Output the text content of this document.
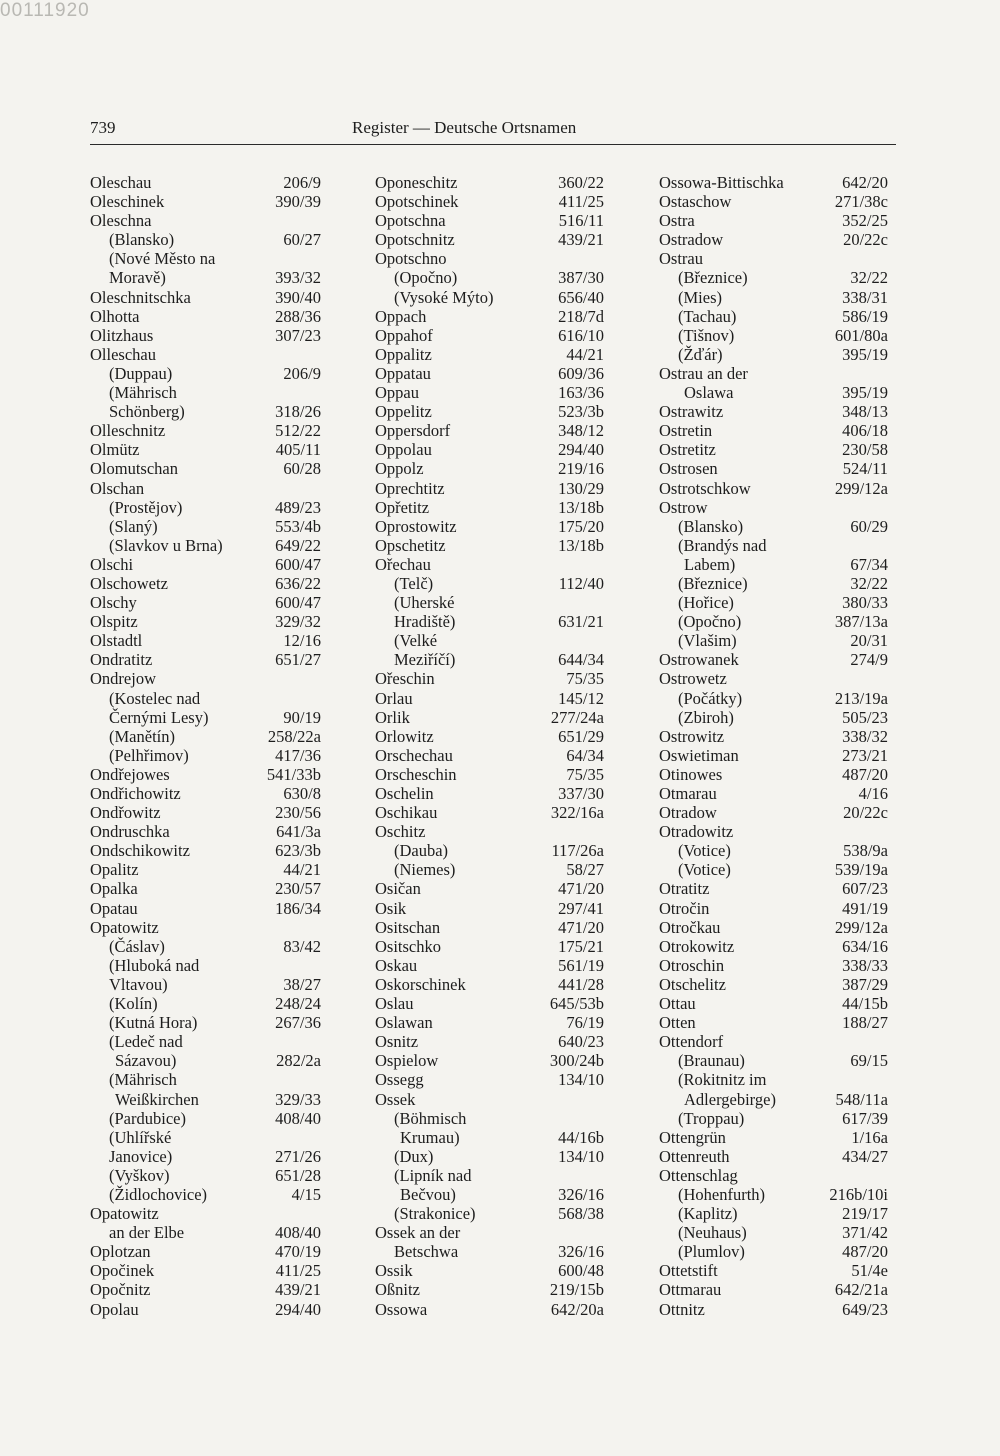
00111920
739	Register — Deutsche Ortsnamen
Oleschau	206/9
Oleschinek	390/39
Oleschna
(Blansko)	60/27
(Nové Město na
Moravě)	393/32
Oleschnitschka	390/40
Olhotta	288/36
Olitzhaus	307/23
Olleschau
(Duppau)	206/9
(Mährisch
Schönberg)	318/26
Olleschnitz	512/22
Olmütz	405/11
Olomutschan	60/28
Olschan
(Prostějov)	489/23
(Slaný)	553/4b
(Slavkov u Brna)	649/22
Olschi	600/47
Olschowetz	636/22
Olschy	600/47
Olspitz	329/32
Olstadtl	12/16
Ondratitz	651/27
Ondrejow
(Kostelec nad
Černými Lesy)	90/19
(Manětín)	258/22a
(Pelhřimov)	417/36
Ondřejowes	541/33b
Ondřichowitz	630/8
Ondřowitz	230/56
Ondruschka	641/3a
Ondschikowitz	623/3b
Opalitz	44/21
Opalka	230/57
Opatau	186/34
Opatowitz
(Čáslav)	83/42
(Hluboká nad
Vltavou)	38/27
(Kolín)	248/24
(Kutná Hora)	267/36
(Ledeč nad
Sázavou)	282/2a
(Mährisch
Weißkirchen	329/33
(Pardubice)	408/40
(Uhlířské
Janovice)	271/26
(Vyškov)	651/28
(Židlochovice)	4/15
Opatowitz
an der Elbe	408/40
Oplotzan	470/19
Opočinek	411/25
Opočnitz	439/21
Opolau	294/40
Oponeschitz	360/22
Opotschinek	411/25
Opotschna	516/11
Opotschnitz	439/21
Opotschno
(Opočno)	387/30
(Vysoké Mýto)	656/40
Oppach	218/7d
Oppahof	616/10
Oppalitz	44/21
Oppatau	609/36
Oppau	163/36
Oppelitz	523/3b
Oppersdorf	348/12
Oppolau	294/40
Oppolz	219/16
Oprechtitz	130/29
Opřetitz	13/18b
Oprostowitz	175/20
Opschetitz	13/18b
Ořechau
(Telč)	112/40
(Uherské
Hradiště)	631/21
(Velké
Meziříčí)	644/34
Ořeschin	75/35
Orlau	145/12
Orlik	277/24a
Orlowitz	651/29
Orschechau	64/34
Orscheschin	75/35
Oschelin	337/30
Oschikau	322/16a
Oschitz
(Dauba)	117/26a
(Niemes)	58/27
Osičan	471/20
Osik	297/41
Ositschan	471/20
Ositschko	175/21
Oskau	561/19
Oskorschinek	441/28
Oslau	645/53b
Oslawan	76/19
Osnitz	640/23
Ospielow	300/24b
Ossegg	134/10
Ossek
(Böhmisch
Krumau)	44/16b
(Dux)	134/10
(Lipník nad
Bečvou)	326/16
(Strakonice)	568/38
Ossek an der
Betschwa	326/16
Ossik	600/48
Oßnitz	219/15b
Ossowa	642/20a
Ossowa-Bittischka	642/20
Ostaschow	271/38c
Ostra	352/25
Ostradow	20/22c
Ostrau
(Březnice)	32/22
(Mies)	338/31
(Tachau)	586/19
(Tišnov)	601/80a
(Žďár)	395/19
Ostrau an der
Oslawa	395/19
Ostrawitz	348/13
Ostretin	406/18
Ostretitz	230/58
Ostrosen	524/11
Ostrotschkow	299/12a
Ostrow
(Blansko)	60/29
(Brandýs nad
Labem)	67/34
(Březnice)	32/22
(Hořice)	380/33
(Opočno)	387/13a
(Vlašim)	20/31
Ostrowanek	274/9
Ostrowetz
(Počátky)	213/19a
(Zbiroh)	505/23
Ostrowitz	338/32
Oswietiman	273/21
Otinowes	487/20
Otmarau	4/16
Otradow	20/22c
Otradowitz
(Votice)	538/9a
(Votice)	539/19a
Otratitz	607/23
Otročin	491/19
Otročkau	299/12a
Otrokowitz	634/16
Otroschin	338/33
Otschelitz	387/29
Ottau	44/15b
Otten	188/27
Ottendorf
(Braunau)	69/15
(Rokitnitz im
Adlergebirge)	548/11a
(Troppau)	617/39
Ottengrün	1/16a
Ottenreuth	434/27
Ottenschlag
(Hohenfurth)	216b/10i
(Kaplitz)	219/17
(Neuhaus)	371/42
(Plumlov)	487/20
Ottetstift	51/4e
Ottmarau	642/21a
Ottnitz	649/23
